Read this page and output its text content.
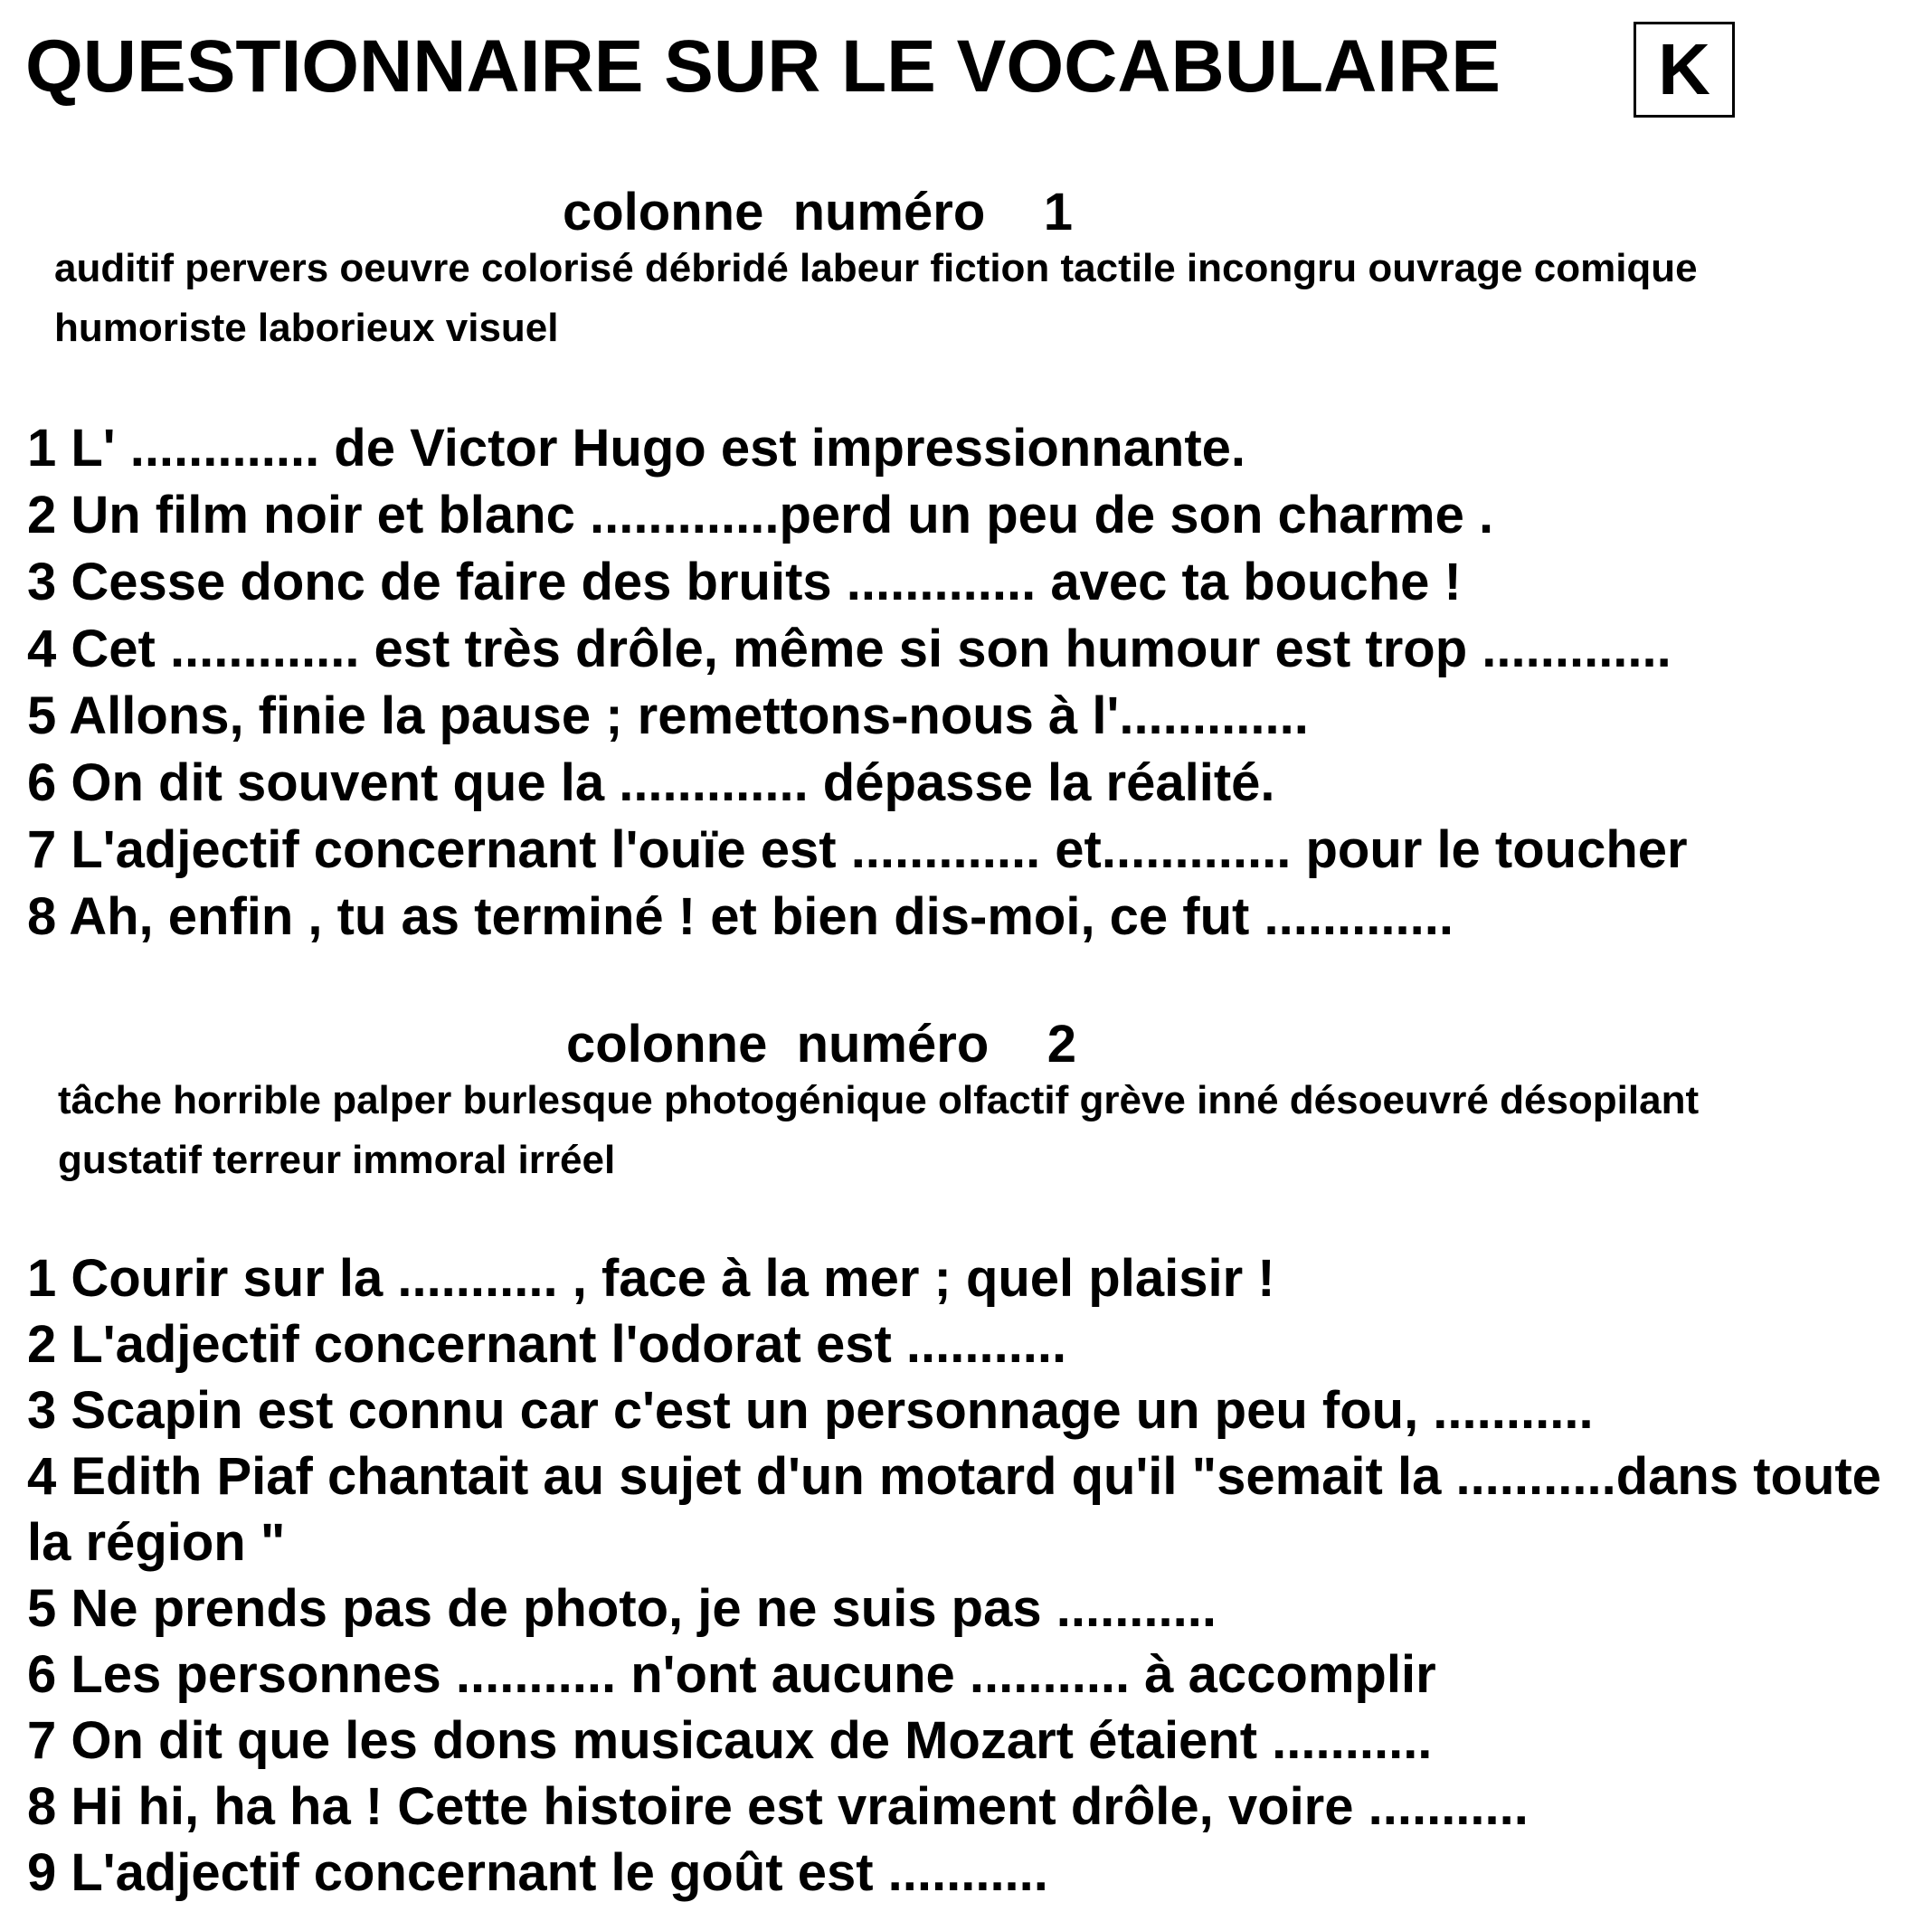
QUESTIONNAIRE SUR LE VOCABULAIRE	K
colonne  numéro    1
auditif pervers oeuvre colorisé débridé labeur fiction tactile incongru ouvrage comique
humoriste laborieux visuel
1 L' ............. de Victor Hugo est impressionnante.
2 Un film noir et blanc .............perd un peu de son charme .
3 Cesse donc de faire des bruits ............. avec ta bouche !
4 Cet ............. est très drôle, même si son humour est trop .............
5 Allons, finie la pause ; remettons-nous à l'.............
6 On dit souvent que la ............. dépasse la réalité.
7 L'adjectif concernant l'ouïe est ............. et............. pour le toucher
8 Ah, enfin , tu as terminé ! et bien dis-moi, ce fut .............
colonne  numéro    2
tâche horrible palper burlesque photogénique olfactif grève inné désoeuvré désopilant
gustatif terreur immoral irréel
1 Courir sur la ........... , face à la mer ; quel plaisir !
2 L'adjectif concernant l'odorat est ...........
3 Scapin est connu car c'est un personnage un peu fou, ...........
4 Edith Piaf chantait au sujet d'un motard qu'il "semait la ...........dans toute la région "
5 Ne prends pas de photo, je ne suis pas ...........
6 Les personnes ........... n'ont aucune ........... à accomplir
7 On dit que les dons musicaux de Mozart étaient ...........
8 Hi hi, ha ha ! Cette histoire est vraiment drôle, voire ...........
9 L'adjectif concernant le goût est ...........
